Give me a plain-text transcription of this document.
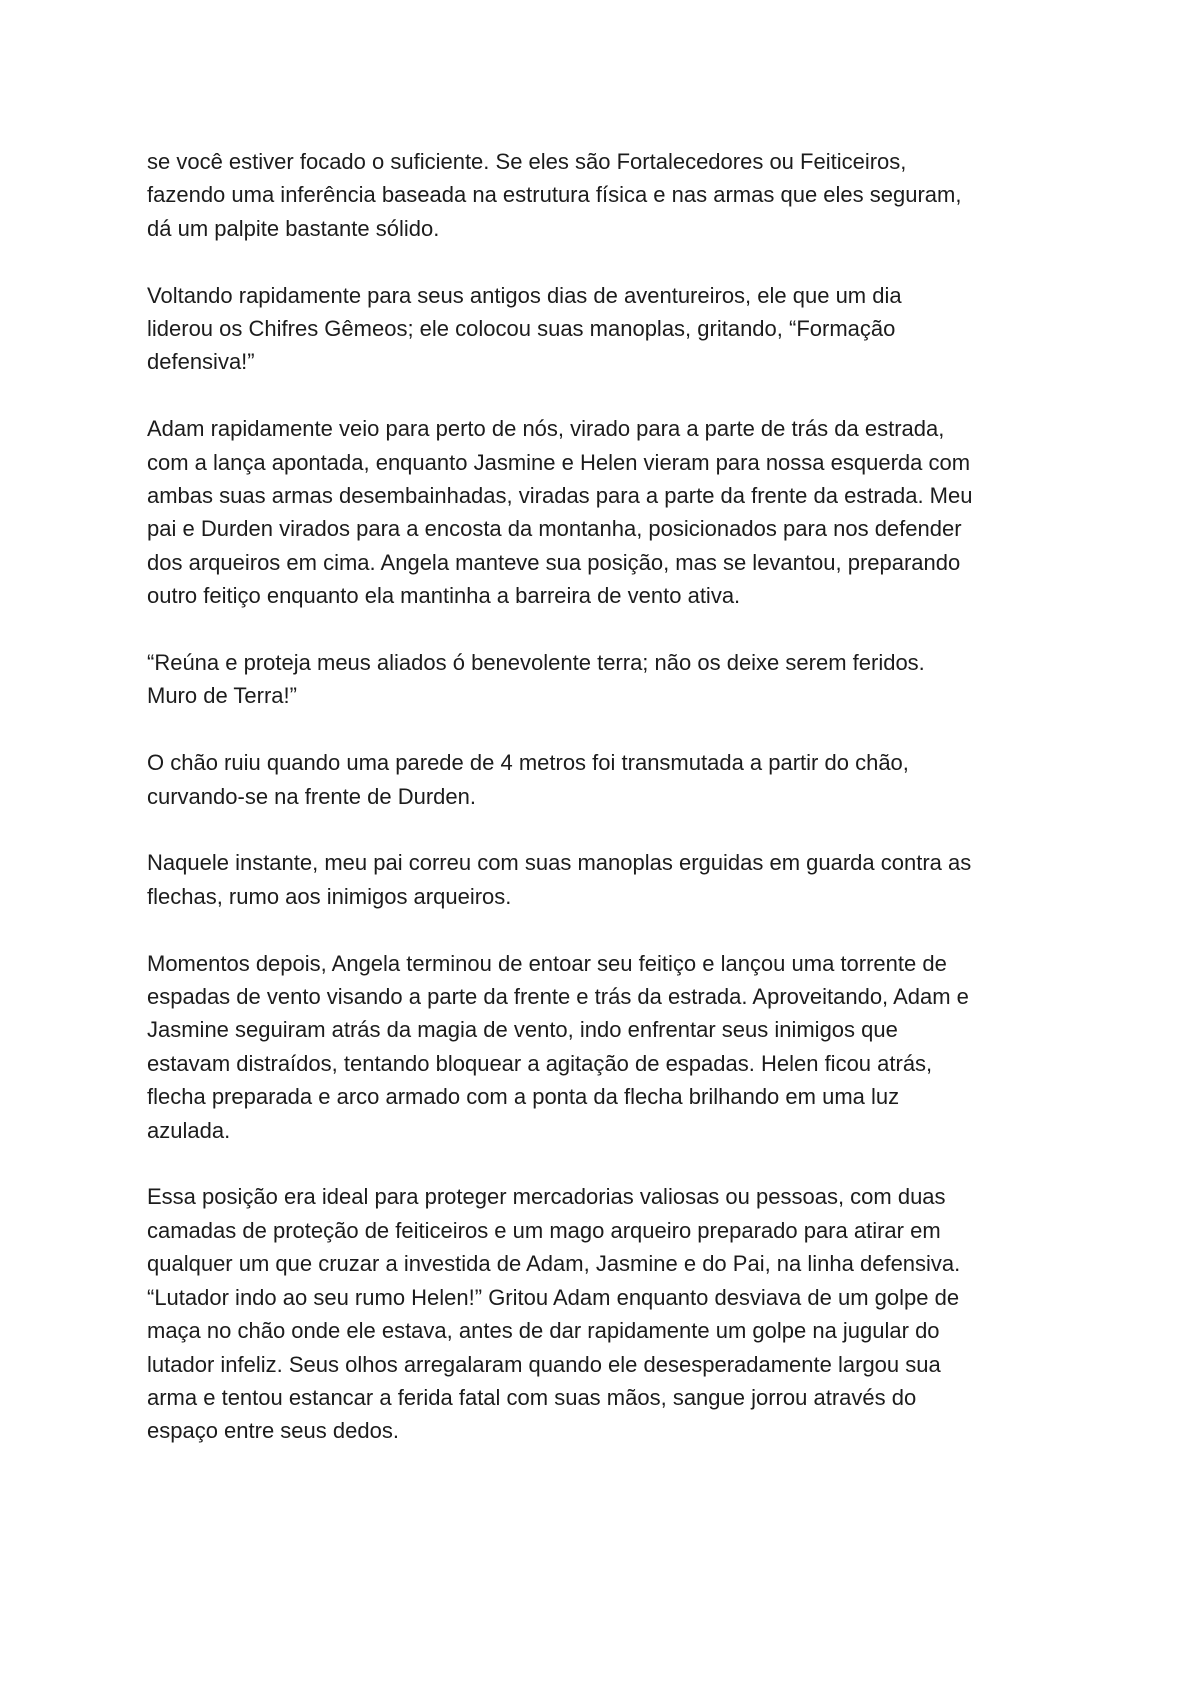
se você estiver focado o suficiente. Se eles são Fortalecedores ou Feiticeiros,
fazendo uma inferência baseada na estrutura física e nas armas que eles seguram,
dá um palpite bastante sólido.

Voltando rapidamente para seus antigos dias de aventureiros, ele que um dia
liderou os Chifres Gêmeos; ele colocou suas manoplas, gritando, “Formação
defensiva!”

Adam rapidamente veio para perto de nós, virado para a parte de trás da estrada,
com a lança apontada, enquanto Jasmine e Helen vieram para nossa esquerda com
ambas suas armas desembainhadas, viradas para a parte da frente da estrada. Meu
pai e Durden virados para a encosta da montanha, posicionados para nos defender
dos arqueiros em cima. Angela manteve sua posição, mas se levantou, preparando
outro feitiço enquanto ela mantinha a barreira de vento ativa.

“Reúna e proteja meus aliados ó benevolente terra; não os deixe serem feridos.
Muro de Terra!”

O chão ruiu quando uma parede de 4 metros foi transmutada a partir do chão,
curvando-se na frente de Durden.

Naquele instante, meu pai correu com suas manoplas erguidas em guarda contra as
flechas, rumo aos inimigos arqueiros.

Momentos depois, Angela terminou de entoar seu feitiço e lançou uma torrente de
espadas de vento visando a parte da frente e trás da estrada. Aproveitando, Adam e
Jasmine seguiram atrás da magia de vento, indo enfrentar seus inimigos que
estavam distraídos, tentando bloquear a agitação de espadas. Helen ficou atrás,
flecha preparada e arco armado com a ponta da flecha brilhando em uma luz
azulada.

Essa posição era ideal para proteger mercadorias valiosas ou pessoas, com duas
camadas de proteção de feiticeiros e um mago arqueiro preparado para atirar em
qualquer um que cruzar a investida de Adam, Jasmine e do Pai, na linha defensiva.
“Lutador indo ao seu rumo Helen!” Gritou Adam enquanto desviava de um golpe de
maça no chão onde ele estava, antes de dar rapidamente um golpe na jugular do
lutador infeliz. Seus olhos arregalaram quando ele desesperadamente largou sua
arma e tentou estancar a ferida fatal com suas mãos, sangue jorrou através do
espaço entre seus dedos.
